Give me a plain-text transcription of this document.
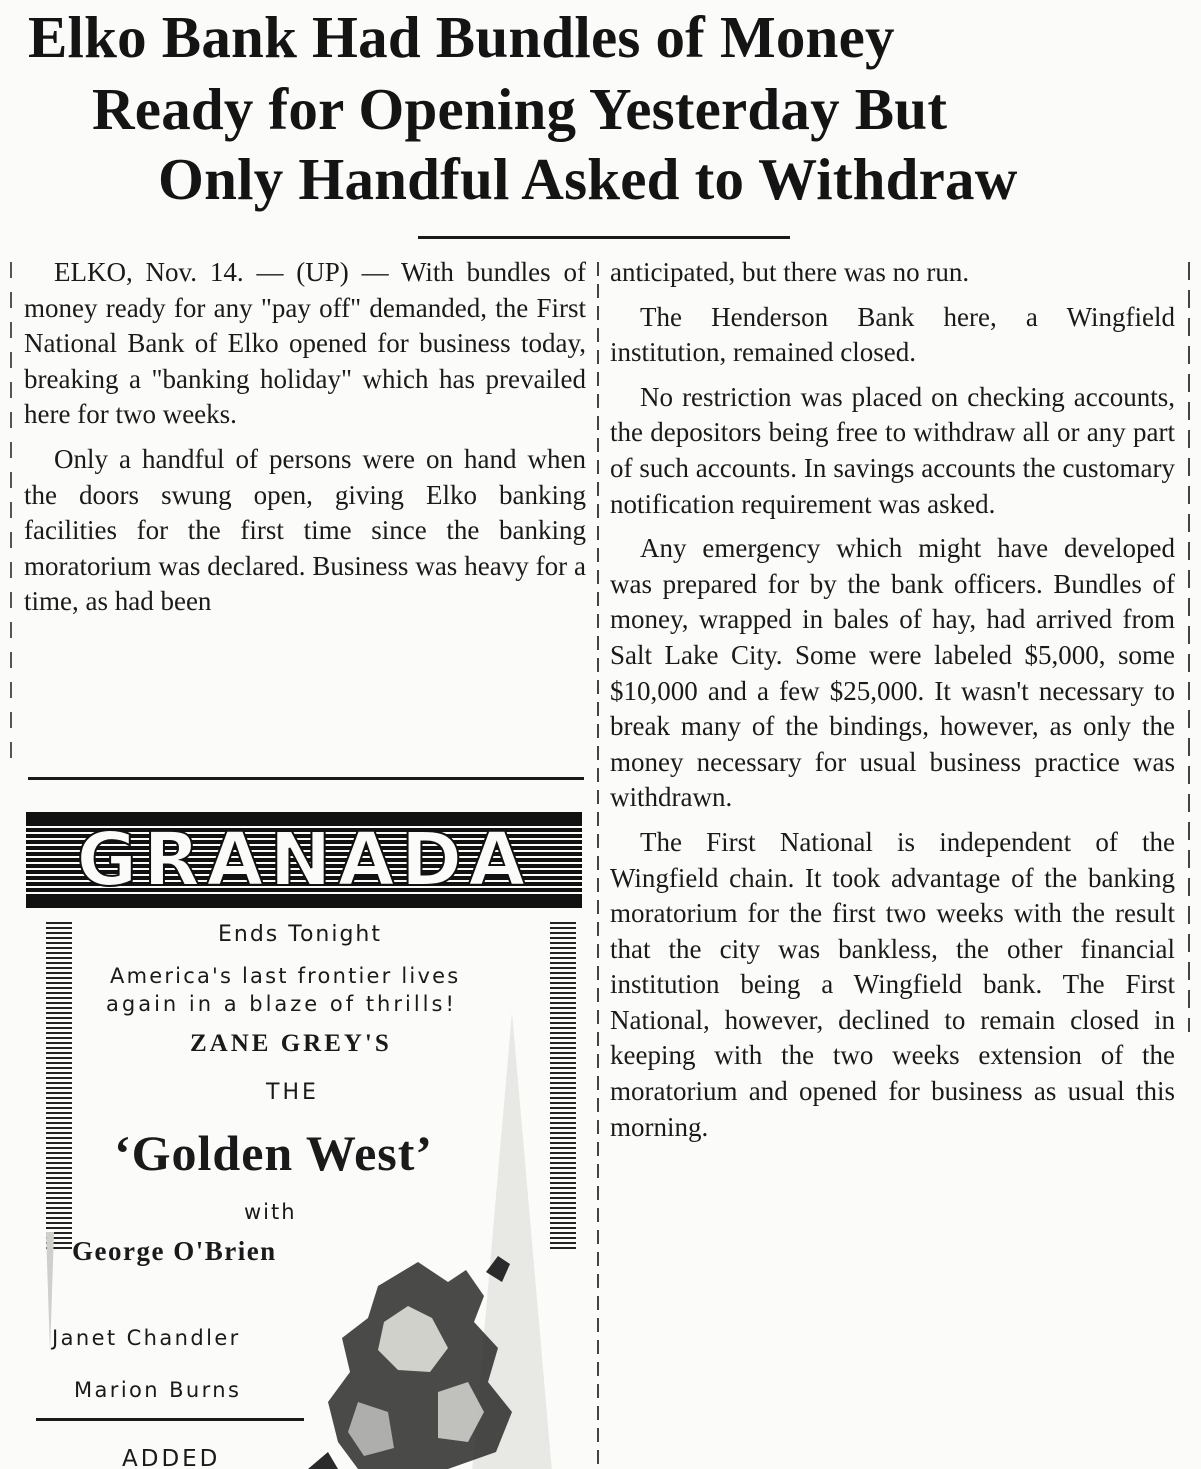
Elko Bank Had Bundles of Money
Ready for Opening Yesterday But
Only Handful Asked to Withdraw

ELKO, Nov. 14. — (UP) — With bundles of money ready for any "pay off" demanded, the First National Bank of Elko opened for business today, breaking a "banking holiday" which has prevailed here for two weeks.

Only a handful of persons were on hand when the doors swung open, giving Elko banking facilities for the first time since the banking moratorium was declared. Business was heavy for a time, as had been

anticipated, but there was no run.

The Henderson Bank here, a Wingfield institution, remained closed.

No restriction was placed on checking accounts, the depositors being free to withdraw all or any part of such accounts. In savings accounts the customary notification requirement was asked.

Any emergency which might have developed was prepared for by the bank officers. Bundles of money, wrapped in bales of hay, had arrived from Salt Lake City. Some were labeled $5,000, some $10,000 and a few $25,000. It wasn't necessary to break many of the bindings, however, as only the money necessary for usual business practice was withdrawn.

The First National is independent of the Wingfield chain. It took advantage of the banking moratorium for the first two weeks with the result that the city was bankless, the other financial institution being a Wingfield bank. The First National, however, declined to remain closed in keeping with the two weeks extension of the moratorium and opened for business as usual this morning.

GRANADA

Ends Tonight

America's last frontier lives

again in a blaze of thrills!

ZANE GREY'S

THE

‘Golden West’

with

George O'Brien

Janet Chandler

Marion Burns

ADDED
